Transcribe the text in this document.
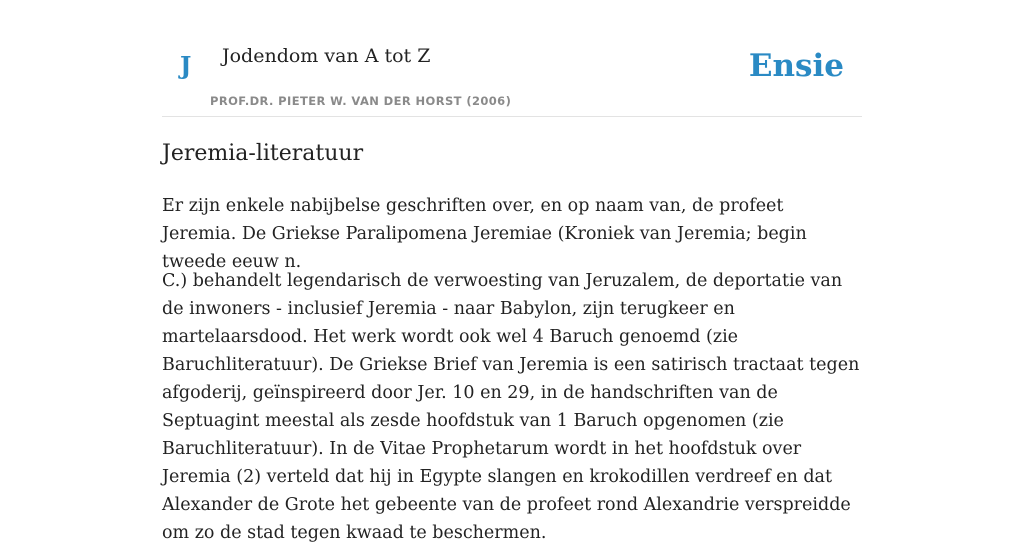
J Jodendom van A tot Z
PROF.DR. PIETER W. VAN DER HORST (2006)
Ensie
Jeremia-literatuur

Er zijn enkele nabijbelse geschriften over, en op naam van, de profeet Jeremia. De Griekse Paralipomena Jeremiae (Kroniek van Jeremia; begin tweede eeuw n.

C.) behandelt legendarisch de verwoesting van Jeruzalem, de deportatie van de inwoners - inclusief Jeremia - naar Babylon, zijn terugkeer en martelaarsdood. Het werk wordt ook wel 4 Baruch genoemd (zie Baruchliteratuur). De Griekse Brief van Jeremia is een satirisch tractaat tegen afgoderij, geïnspireerd door Jer. 10 en 29, in de handschriften van de Septuagint meestal als zesde hoofdstuk van 1 Baruch opgenomen (zie Baruchliteratuur). In de Vitae Prophetarum wordt in het hoofdstuk over Jeremia (2) verteld dat hij in Egypte slangen en krokodillen verdreef en dat Alexander de Grote het gebeente van de profeet rond Alexandrie verspreidde om zo de stad tegen kwaad te beschermen.
